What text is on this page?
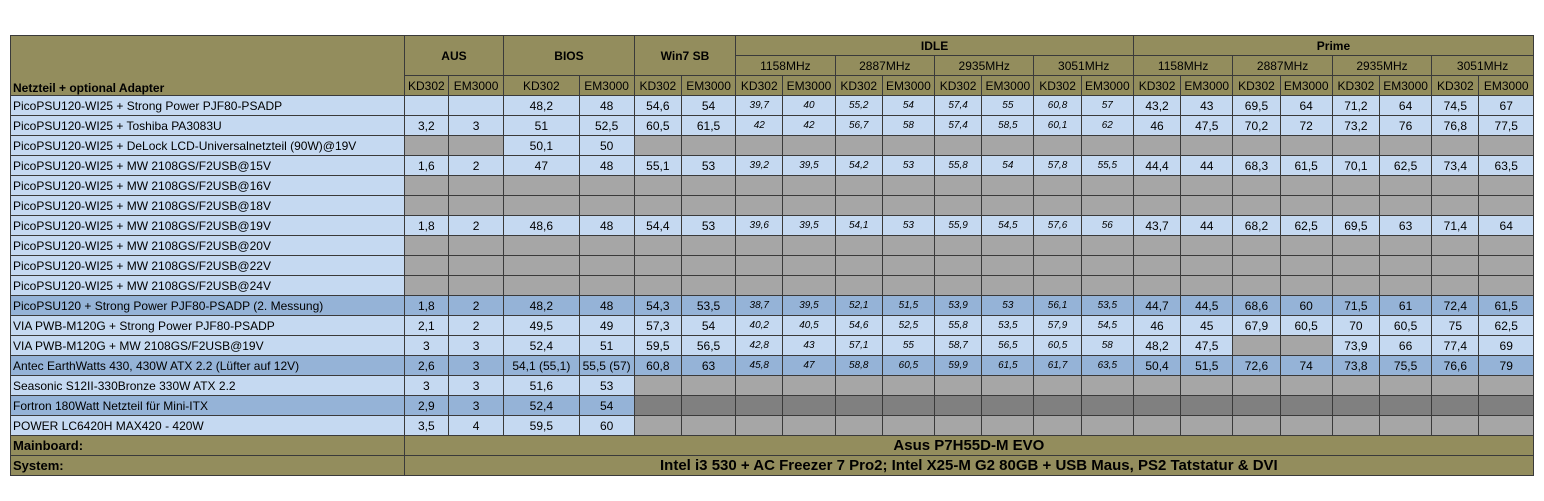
Netzteil + optional Adapter	AUS		BIOS		Win7 SB		IDLE								Prime							
							1158MHz		2887MHz		2935MHz		3051MHz		1158MHz		2887MHz		2935MHz		3051MHz	
	KD302	EM3000	KD302	EM3000	KD302	EM3000	KD302	EM3000	KD302	EM3000	KD302	EM3000	KD302	EM3000	KD302	EM3000	KD302	EM3000	KD302	EM3000	KD302	EM3000
PicoPSU120-WI25 + Strong Power PJF80-PSADP			48,2	48	54,6	54	39,7	40	55,2	54	57,4	55	60,8	57	43,2	43	69,5	64	71,2	64	74,5	67
PicoPSU120-WI25 + Toshiba PA3083U	3,2	3	51	52,5	60,5	61,5	42	42	56,7	58	57,4	58,5	60,1	62	46	47,5	70,2	72	73,2	76	76,8	77,5
PicoPSU120-WI25 + DeLock LCD-Universalnetzteil (90W)@19V			50,1	50																		
PicoPSU120-WI25 + MW 2108GS/F2USB@15V	1,6	2	47	48	55,1	53	39,2	39,5	54,2	53	55,8	54	57,8	55,5	44,4	44	68,3	61,5	70,1	62,5	73,4	63,5
PicoPSU120-WI25 + MW 2108GS/F2USB@16V																						
PicoPSU120-WI25 + MW 2108GS/F2USB@18V																						
PicoPSU120-WI25 + MW 2108GS/F2USB@19V	1,8	2	48,6	48	54,4	53	39,6	39,5	54,1	53	55,9	54,5	57,6	56	43,7	44	68,2	62,5	69,5	63	71,4	64
PicoPSU120-WI25 + MW 2108GS/F2USB@20V																						
PicoPSU120-WI25 + MW 2108GS/F2USB@22V																						
PicoPSU120-WI25 + MW 2108GS/F2USB@24V																						
PicoPSU120 + Strong Power PJF80-PSADP (2. Messung)	1,8	2	48,2	48	54,3	53,5	38,7	39,5	52,1	51,5	53,9	53	56,1	53,5	44,7	44,5	68,6	60	71,5	61	72,4	61,5
VIA PWB-M120G + Strong Power PJF80-PSADP	2,1	2	49,5	49	57,3	54	40,2	40,5	54,6	52,5	55,8	53,5	57,9	54,5	46	45	67,9	60,5	70	60,5	75	62,5
VIA PWB-M120G + MW 2108GS/F2USB@19V	3	3	52,4	51	59,5	56,5	42,8	43	57,1	55	58,7	56,5	60,5	58	48,2	47,5			73,9	66	77,4	69
Antec EarthWatts 430, 430W ATX 2.2 (Lüfter auf 12V)	2,6	3	54,1 (55,1)	55,5 (57)	60,8	63	45,8	47	58,8	60,5	59,9	61,5	61,7	63,5	50,4	51,5	72,6	74	73,8	75,5	76,6	79
Seasonic S12II-330Bronze 330W ATX 2.2	3	3	51,6	53																		
Fortron 180Watt Netzteil für Mini-ITX	2,9	3	52,4	54																		
POWER LC6420H MAX420 - 420W	3,5	4	59,5	60																		
Mainboard:	Asus P7H55D-M EVO																					
System:	Intel i3 530 + AC Freezer 7 Pro2; Intel X25-M G2 80GB + USB Maus, PS2 Tatstatur & DVI																					
